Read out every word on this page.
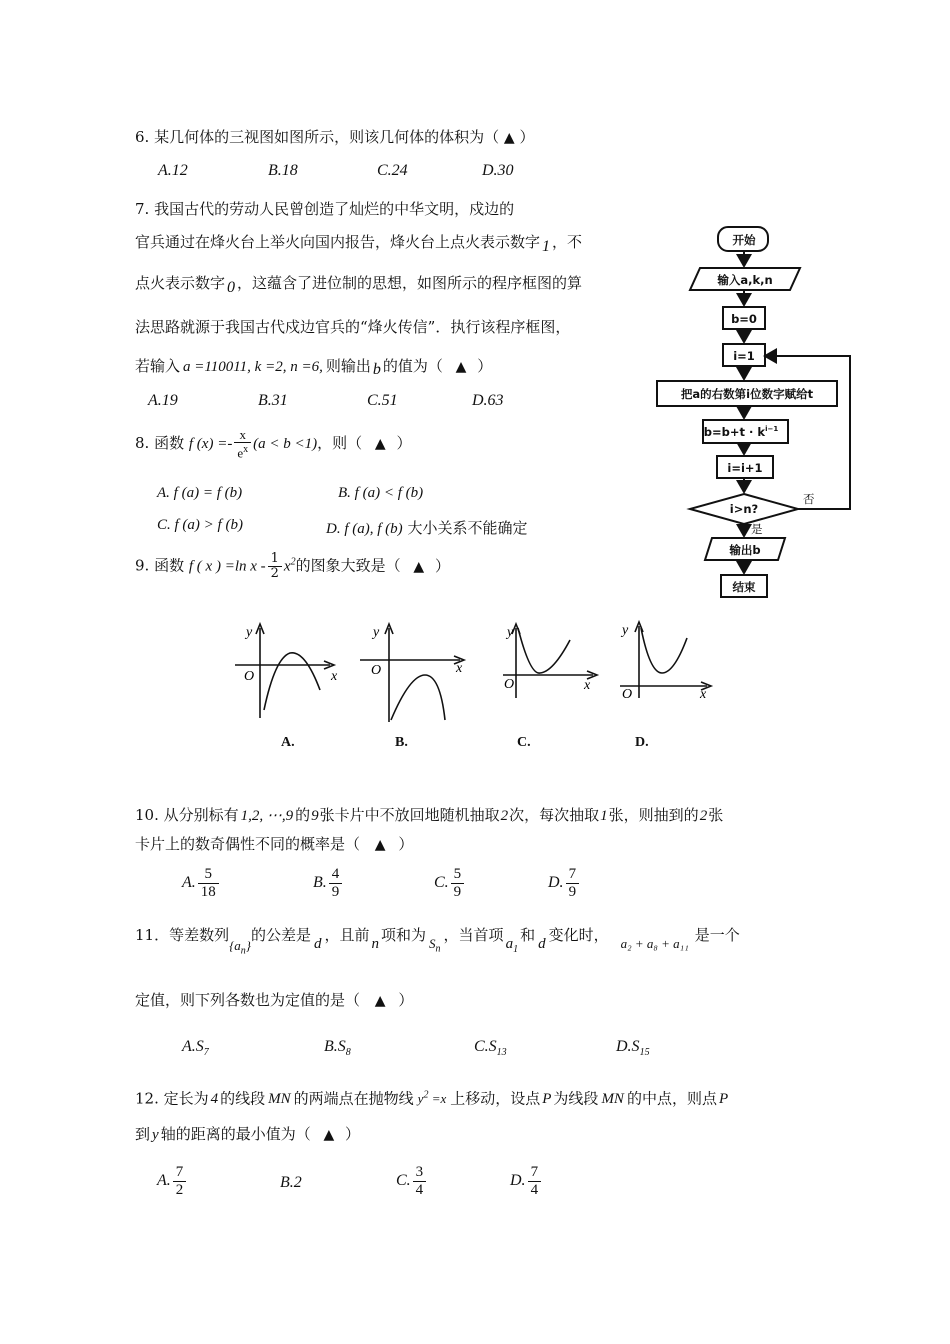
6. 某几何体的三视图如图所示，则该几何体的体积为（ ▲ ）
A.12	B.18	C.24	D.30
7. 我国古代的劳动人民曾创造了灿烂的中华文明，戍边的
官兵通过在烽火台上举火向国内报告，烽火台上点火表示数字 1 ，不
点火表示数字 0 ，这蕴含了进位制的思想，如图所示的程序框图的算
法思路就源于我国古代戍边官兵的“烽火传信”．执行该程序框图，
若输入 a =110011, k =2, n =6, 则输出 b 的值为（ ▲ ）
A.19	B.31	C.51	D.63
开始
输入a,k,n
b=0
i=1
把a的右数第i位数字赋给t
$b=b+t \cdot k^{i-1}$
i=i+1
i>n?
否
是
输出b
结束
8. 函数 f $(x) =- \frac{x}{e^x} (a < b <1)$，则（ ▲ ）
A. f (a) = f (b)	B. f (a) < f (b)
C. f (a) > f (b)	D. f (a), f (b) 大小关系不能确定
9. 函数 f ( x ) =ln x - $\frac{1}{2} x^2$的图象大致是（ ▲ ）
y
x
O
A.
y
x
O
B.
y
x
O
C.
y
x
O
D.
10. 从分别标有 1,2, ⋯,9 的9张卡片中不放回地随机抽取2次，每次抽取1张，则抽到的2张
卡片上的数奇偶性不同的概率是（ ▲ ）
A. $\frac{5}{18}$	B. $\frac{4}{9}$	C. $\frac{5}{9}$	D. $\frac{7}{9}$
11．等差数列$\{a_n\}$的公差是 d ，且前 n 项和为 $S_n$，当首项 $a_1$和 d 变化时， a₂ + a₈ + a₁₁ 是一个
定值，则下列各数也为定值的是（ ▲ ）
$A.S_7$	$B.S_8$	$C.S_{13}$	$D.S_{15}$
12. 定长为 4 的线段 MN 的两端点在抛物线 $y^2 =x$ 上移动，设点 P 为线段 MN 的中点，则点 P
到 y 轴的距离的最小值为（ ▲ ）
A. $\frac{7}{2}$	B.2	C. $\frac{3}{4}$	D. $\frac{7}{4}$
